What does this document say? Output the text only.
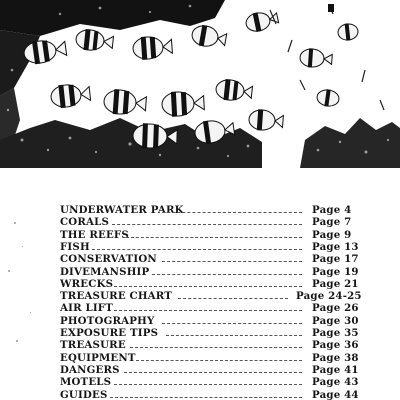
UNDERWATER PARK	Page 4
CORALS	Page 7
THE REEFS	Page 9
FISH	Page 13
CONSERVATION	Page 17
DIVEMANSHIP	Page 19
WRECKS	Page 21
TREASURE CHART	Page 24-25
AIR LIFT	Page 26
PHOTOGRAPHY	Page 30
EXPOSURE TIPS	Page 35
TREASURE	Page 36
EQUIPMENT	Page 38
DANGERS	Page 41
MOTELS	Page 43
GUIDES	Page 44
